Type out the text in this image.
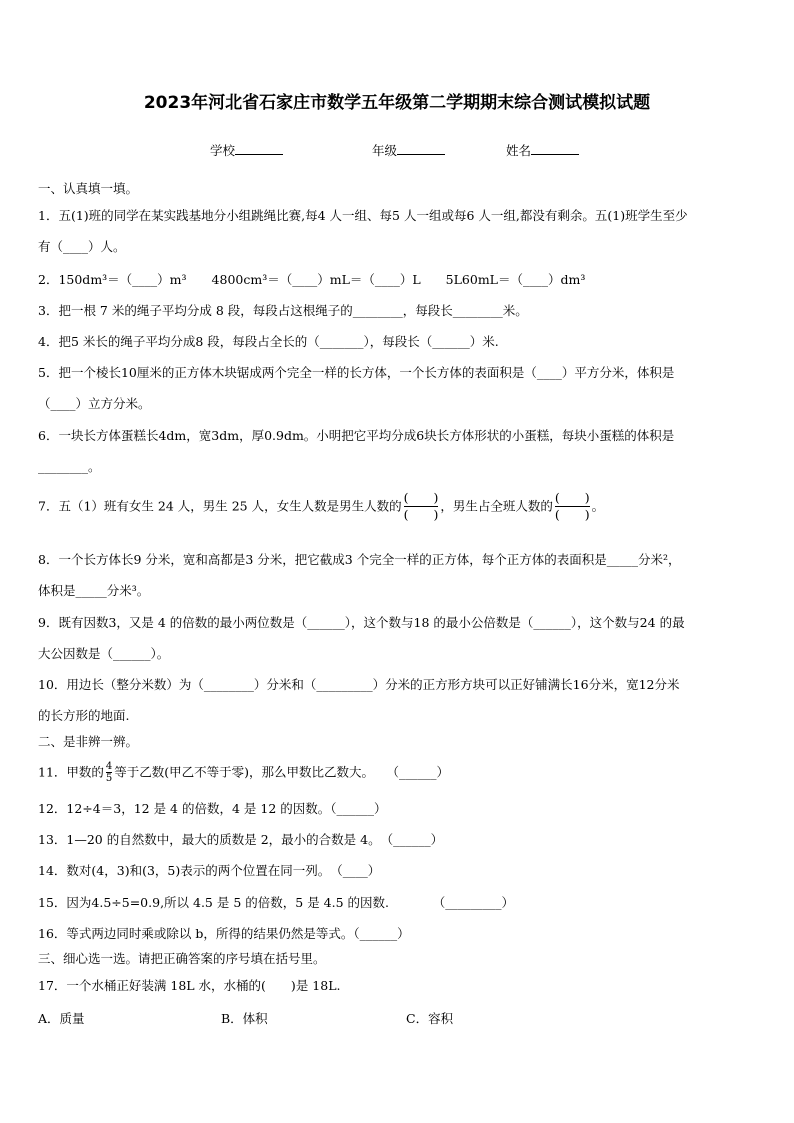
2023年河北省石家庄市数学五年级第二学期期末综合测试模拟试题
学校	年级	姓名
一、认真填一填。
1．五(1)班的同学在某实践基地分小组跳绳比赛,每4 人一组、每5 人一组或每6 人一组,都没有剩余。五(1)班学生至少
有（____）人。
2．150dm³＝（____）m³　　4800cm³＝（____）mL＝（____）L　　5L60mL＝（____）dm³
3．把一根 7 米的绳子平均分成 8 段，每段占这根绳子的________，每段长________米。
4．把5 米长的绳子平均分成8 段，每段占全长的（_______），每段长（______）米.
5．把一个棱长10厘米的正方体木块锯成两个完全一样的长方体，一个长方体的表面积是（____）平方分米，体积是
（____）立方分米。
6．一块长方体蛋糕长4dm，宽3dm，厚0.9dm。小明把它平均分成6块长方体形状的小蛋糕，每块小蛋糕的体积是
________。
7．五（1）班有女生 24 人，男生 25 人，女生人数是男生人数的 $\frac{( )}{( )}$ ，男生占全班人数的 $\frac{( )}{( )}$ 。
8．一个长方体长9 分米，宽和高都是3 分米，把它截成3 个完全一样的正方体，每个正方体的表面积是_____分米²，
体积是_____分米³。
9．既有因数3，又是 4 的倍数的最小两位数是（______），这个数与18 的最小公倍数是（______），这个数与24 的最
大公因数是（______）。
10．用边长（整分米数）为（________）分米和（_________）分米的正方形方块可以正好铺满长16分米，宽12分米
的长方形的地面.
二、是非辨一辨。
11．甲数的 $\frac{4}{5}$ 等于乙数(甲乙不等于零)，那么甲数比乙数大。　　（______）
12．12÷4＝3，12 是 4 的倍数，4 是 12 的因数。（______）
13．1—20 的自然数中，最大的质数是 2，最小的合数是 4。　（______）
14．数对(4，3)和(3，5)表示的两个位置在同一列。　（____）
15．因为4.5÷5=0.9,所以 4.5 是 5 的倍数，5 是 4.5 的因数.　　　　（_________）
16．等式两边同时乘或除以 b，所得的结果仍然是等式。（______）
三、细心选一选。请把正确答案的序号填在括号里。
17．一个水桶正好装满 18L 水，水桶的(　　)是 18L.
A．质量	B．体积	C．容积
